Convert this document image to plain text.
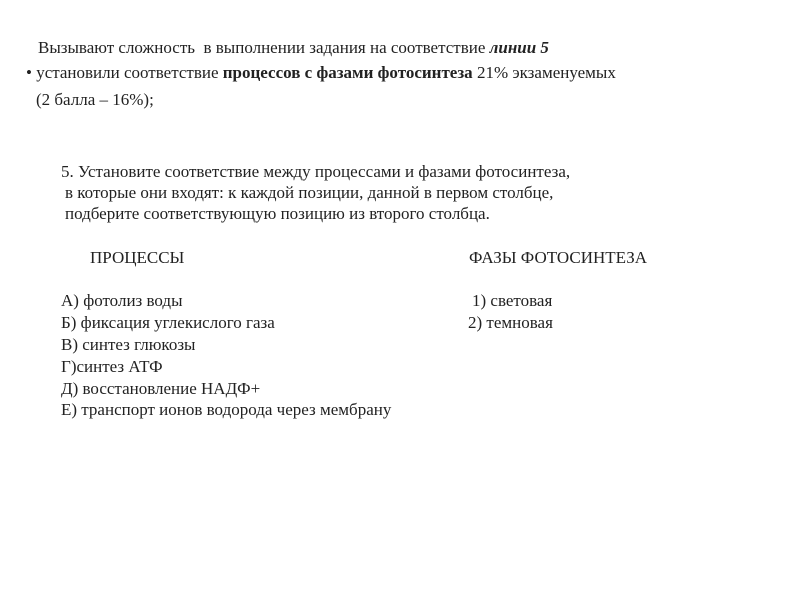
Вызывают сложность  в выполнении задания на соответствие линии 5
• установили соответствие процессов с фазами фотосинтеза 21% экзаменуемых
(2 балла – 16%);
5. Установите соответствие между процессами и фазами фотосинтеза,
в которые они входят: к каждой позиции, данной в первом столбце,
подберите соответствующую позицию из второго столбца.
ПРОЦЕССЫ	ФАЗЫ ФОТОСИНТЕЗА
А) фотолиз воды
Б) фиксация углекислого газа
В) синтез глюкозы
Г)синтез АТФ
Д) восстановление НАДФ+
Е) транспорт ионов водорода через мембрану
1) световая
2) темновая
